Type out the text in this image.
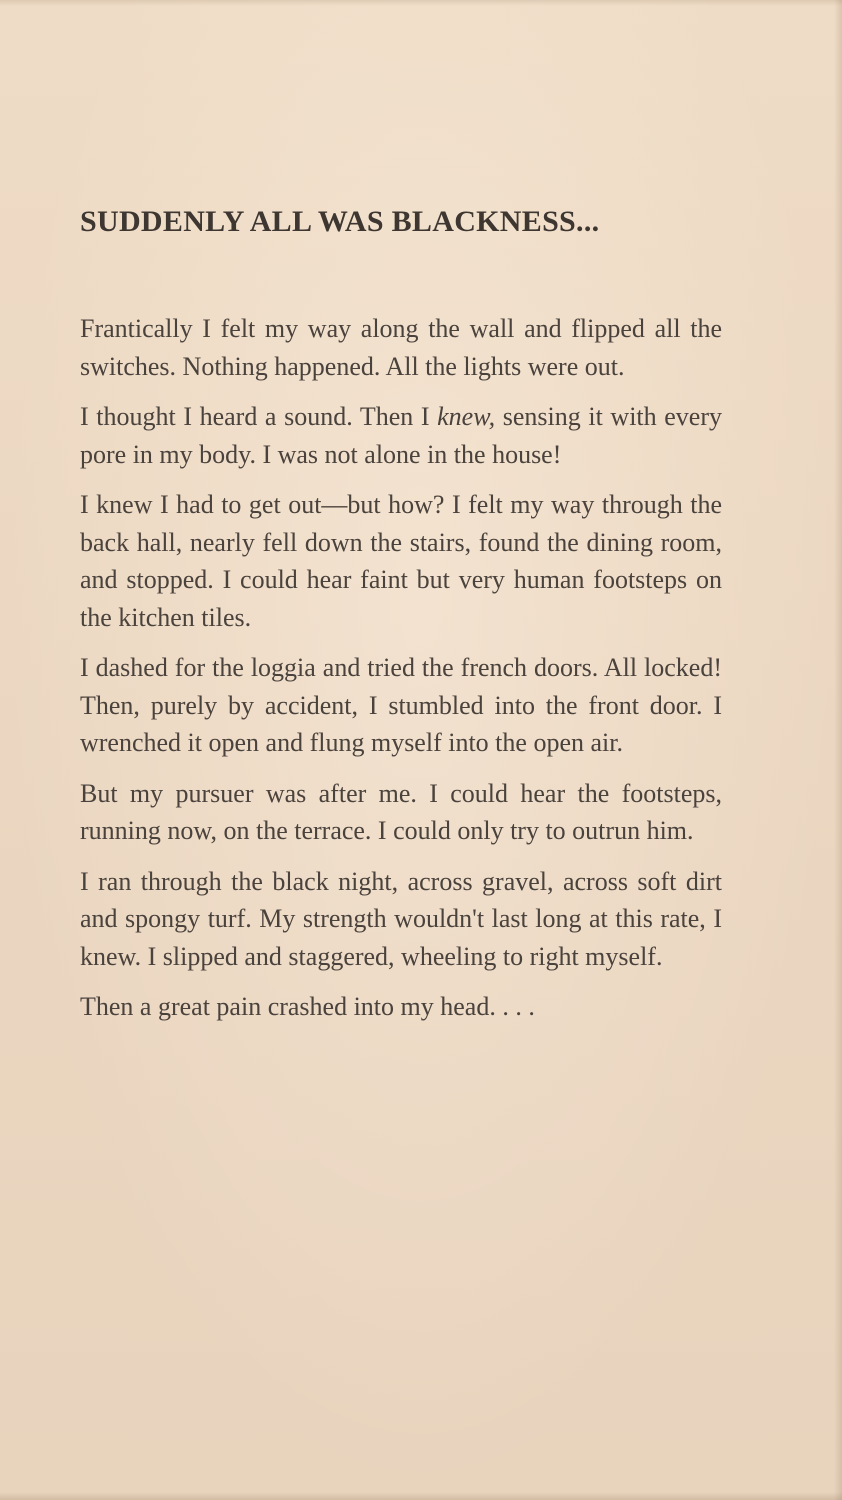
SUDDENLY ALL WAS BLACKNESS...

Frantically I felt my way along the wall and flipped all the switches. Nothing happened. All the lights were out.

I thought I heard a sound. Then I knew, sensing it with every pore in my body. I was not alone in the house!

I knew I had to get out—but how? I felt my way through the back hall, nearly fell down the stairs, found the dining room, and stopped. I could hear faint but very human footsteps on the kitchen tiles.

I dashed for the loggia and tried the french doors. All locked! Then, purely by accident, I stumbled into the front door. I wrenched it open and flung myself into the open air.

But my pursuer was after me. I could hear the footsteps, running now, on the terrace. I could only try to outrun him.

I ran through the black night, across gravel, across soft dirt and spongy turf. My strength wouldn't last long at this rate, I knew. I slipped and staggered, wheeling to right myself.

Then a great pain crashed into my head. . . .
